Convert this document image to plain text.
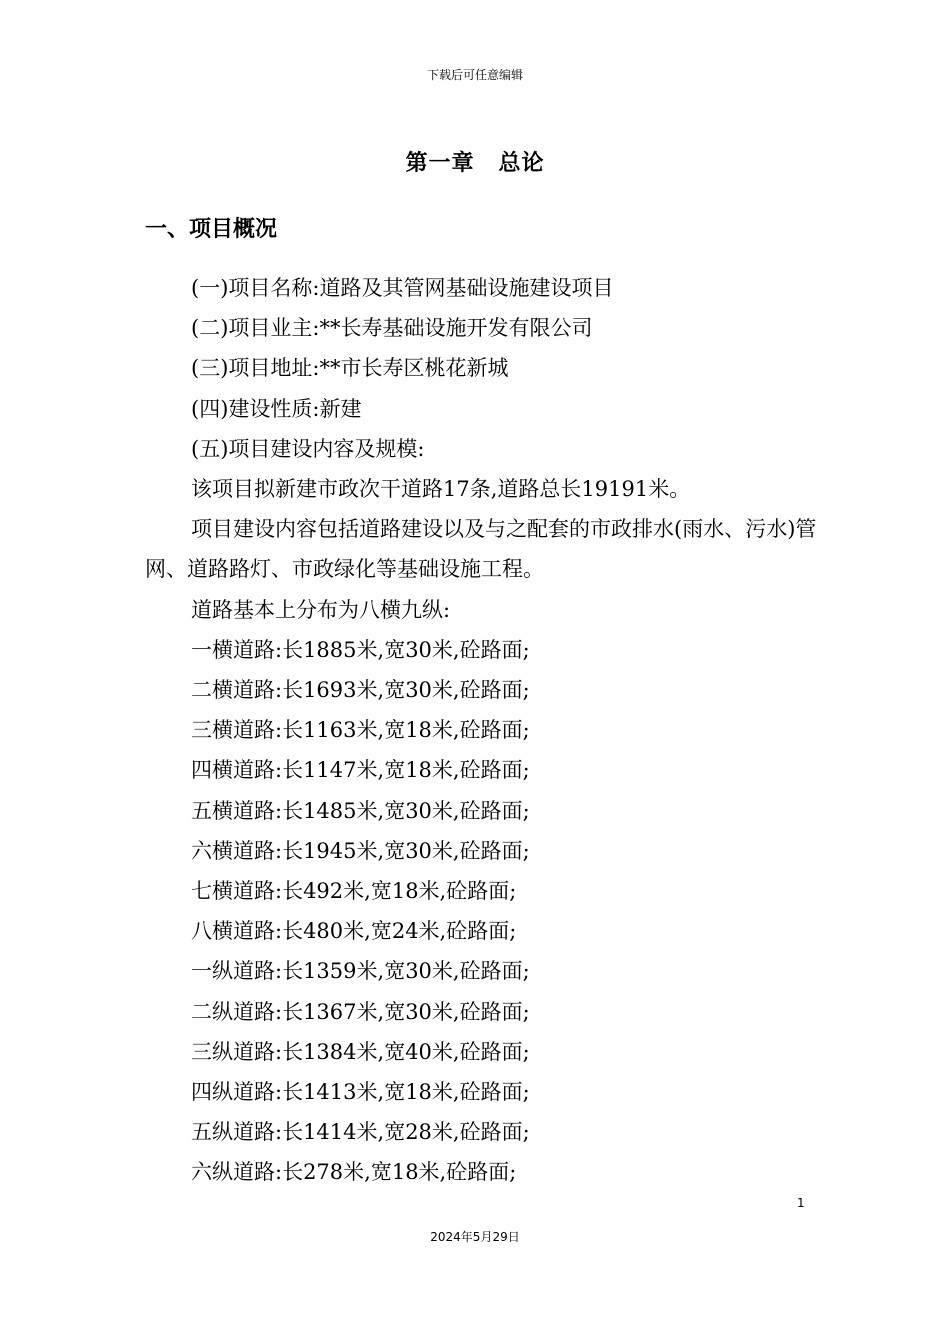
下载后可任意编辑
第一章 总论
一、项目概况

(一)项目名称:道路及其管网基础设施建设项目

(二)项目业主:**长寿基础设施开发有限公司

(三)项目地址:**市长寿区桃花新城

(四)建设性质:新建

(五)项目建设内容及规模:

该项目拟新建市政次干道路17条,道路总长19191米。

项目建设内容包括道路建设以及与之配套的市政排水(雨水、污水)管网、道路路灯、市政绿化等基础设施工程。

道路基本上分布为八横九纵:

一横道路:长1885米,宽30米,砼路面;

二横道路:长1693米,宽30米,砼路面;

三横道路:长1163米,宽18米,砼路面;

四横道路:长1147米,宽18米,砼路面;

五横道路:长1485米,宽30米,砼路面;

六横道路:长1945米,宽30米,砼路面;

七横道路:长492米,宽18米,砼路面;

八横道路:长480米,宽24米,砼路面;

一纵道路:长1359米,宽30米,砼路面;

二纵道路:长1367米,宽30米,砼路面;

三纵道路:长1384米,宽40米,砼路面;

四纵道路:长1413米,宽18米,砼路面;

五纵道路:长1414米,宽28米,砼路面;

六纵道路:长278米,宽18米,砼路面;

1
2024年5月29日
